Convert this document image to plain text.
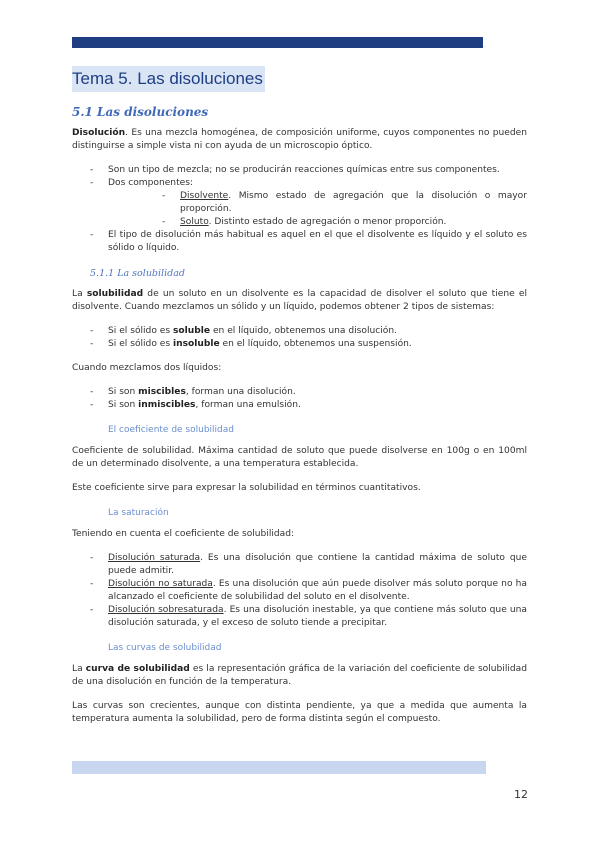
.
Tema 5. Las disoluciones
5.1 Las disoluciones

Disolución. Es una mezcla homogénea, de composición uniforme, cuyos componentes no pueden distinguirse a simple vista ni con ayuda de un microscopio óptico.

- Son un tipo de mezcla; no se producirán reacciones químicas entre sus componentes.
- Dos componentes:
- Disolvente. Mismo estado de agregación que la disolución o mayor proporción.
- Soluto. Distinto estado de agregación o menor proporción.
- El tipo de disolución más habitual es aquel en el que el disolvente es líquido y el soluto es sólido o líquido.
5.1.1 La solubilidad

La solubilidad de un soluto en un disolvente es la capacidad de disolver el soluto que tiene el disolvente. Cuando mezclamos un sólido y un líquido, podemos obtener 2 tipos de sistemas:

- Si el sólido es soluble en el líquido, obtenemos una disolución.
- Si el sólido es insoluble en el líquido, obtenemos una suspensión.

Cuando mezclamos dos líquidos:

- Si son miscibles, forman una disolución.
- Si son inmiscibles, forman una emulsión.
El coeficiente de solubilidad

Coeficiente de solubilidad. Máxima cantidad de soluto que puede disolverse en 100g o en 100ml de un determinado disolvente, a una temperatura establecida.

Este coeficiente sirve para expresar la solubilidad en términos cuantitativos.

La saturación

Teniendo en cuenta el coeficiente de solubilidad:

- Disolución saturada. Es una disolución que contiene la cantidad máxima de soluto que puede admitir.
- Disolución no saturada. Es una disolución que aún puede disolver más soluto porque no ha alcanzado el coeficiente de solubilidad del soluto en el disolvente.
- Disolución sobresaturada. Es una disolución inestable, ya que contiene más soluto que una disolución saturada, y el exceso de soluto tiende a precipitar.
Las curvas de solubilidad

La curva de solubilidad es la representación gráfica de la variación del coeficiente de solubilidad de una disolución en función de la temperatura.

Las curvas son crecientes, aunque con distinta pendiente, ya que a medida que aumenta la temperatura aumenta la solubilidad, pero de forma distinta según el compuesto.

12
